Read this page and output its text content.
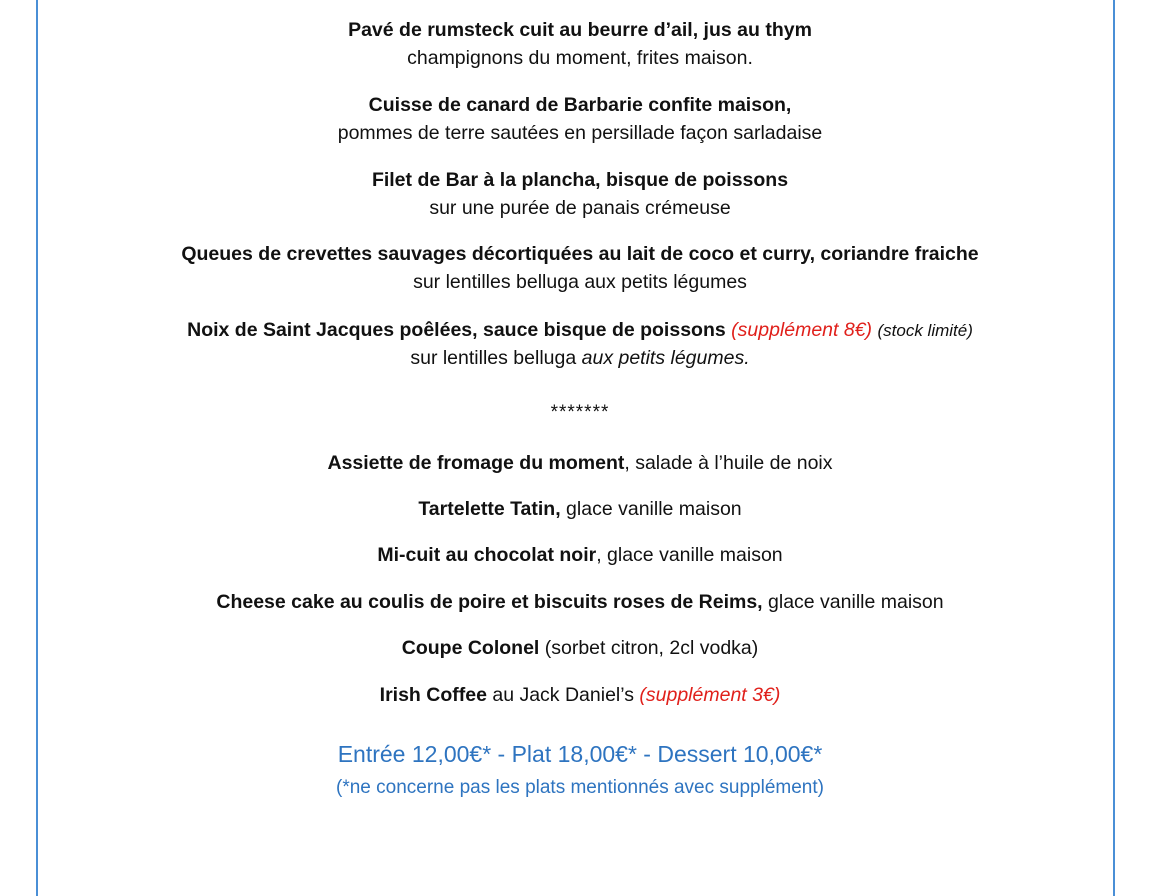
Pavé de rumsteck cuit au beurre d’ail, jus au thym
champignons du moment, frites maison.
Cuisse de canard de Barbarie confite maison,
pommes de terre sautées en persillade façon sarladaise
Filet de Bar à la plancha, bisque de poissons
sur une purée de panais crémeuse
Queues de crevettes sauvages décortiquées au lait de coco et curry, coriandre fraiche
sur lentilles belluga aux petits légumes
Noix de Saint Jacques poêlées, sauce bisque de poissons (supplément 8€) (stock limité)
sur lentilles belluga aux petits légumes.
*******
Assiette de fromage du moment, salade à l’huile de noix
Tartelette Tatin, glace vanille maison
Mi-cuit au chocolat noir, glace vanille maison
Cheese cake au coulis de poire et biscuits roses de Reims, glace vanille maison
Coupe Colonel (sorbet citron, 2cl vodka)
Irish Coffee au Jack Daniel’s (supplément 3€)
Entrée 12,00€* - Plat 18,00€* - Dessert 10,00€*
(*ne concerne pas les plats mentionnés avec supplément)
